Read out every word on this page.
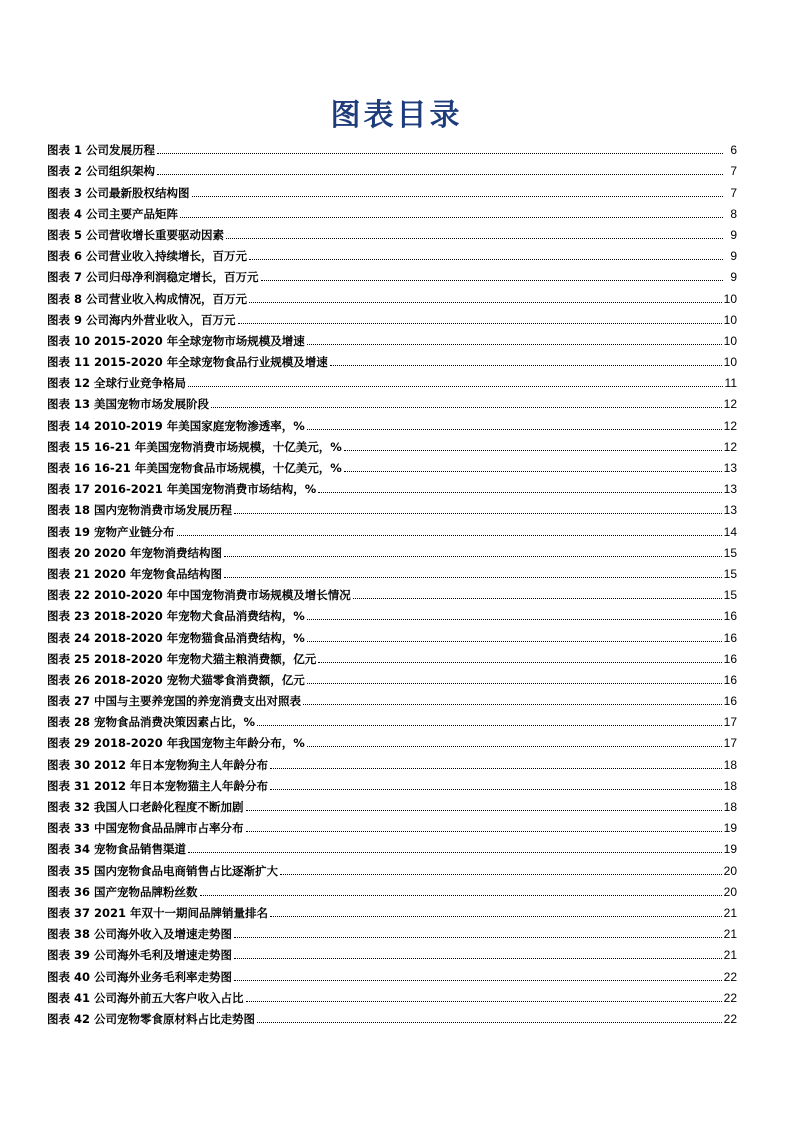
图表目录
图表 1 公司发展历程	6
图表 2 公司组织架构	7
图表 3 公司最新股权结构图	7
图表 4 公司主要产品矩阵	8
图表 5 公司营收增长重要驱动因素	9
图表 6 公司营业收入持续增长，百万元	9
图表 7 公司归母净利润稳定增长，百万元	9
图表 8 公司营业收入构成情况，百万元	10
图表 9 公司海内外营业收入，百万元	10
图表 10 2015-2020 年全球宠物市场规模及增速	10
图表 11 2015-2020 年全球宠物食品行业规模及增速	10
图表 12 全球行业竞争格局	11
图表 13 美国宠物市场发展阶段	12
图表 14 2010-2019 年美国家庭宠物渗透率，%	12
图表 15 16-21 年美国宠物消费市场规模，十亿美元，%	12
图表 16 16-21 年美国宠物食品市场规模，十亿美元，%	13
图表 17 2016-2021 年美国宠物消费市场结构，%	13
图表 18 国内宠物消费市场发展历程	13
图表 19 宠物产业链分布	14
图表 20 2020 年宠物消费结构图	15
图表 21 2020 年宠物食品结构图	15
图表 22 2010-2020 年中国宠物消费市场规模及增长情况	15
图表 23 2018-2020 年宠物犬食品消费结构，%	16
图表 24 2018-2020 年宠物猫食品消费结构，%	16
图表 25 2018-2020 年宠物犬猫主粮消费额，亿元	16
图表 26 2018-2020 宠物犬猫零食消费额，亿元	16
图表 27 中国与主要养宠国的养宠消费支出对照表	16
图表 28 宠物食品消费决策因素占比，%	17
图表 29 2018-2020 年我国宠物主年龄分布，%	17
图表 30 2012 年日本宠物狗主人年龄分布	18
图表 31 2012 年日本宠物猫主人年龄分布	18
图表 32 我国人口老龄化程度不断加剧	18
图表 33 中国宠物食品品牌市占率分布	19
图表 34 宠物食品销售渠道	19
图表 35 国内宠物食品电商销售占比逐渐扩大	20
图表 36 国产宠物品牌粉丝数	20
图表 37 2021 年双十一期间品牌销量排名	21
图表 38 公司海外收入及增速走势图	21
图表 39 公司海外毛利及增速走势图	21
图表 40 公司海外业务毛利率走势图	22
图表 41 公司海外前五大客户收入占比	22
图表 42 公司宠物零食原材料占比走势图	22
